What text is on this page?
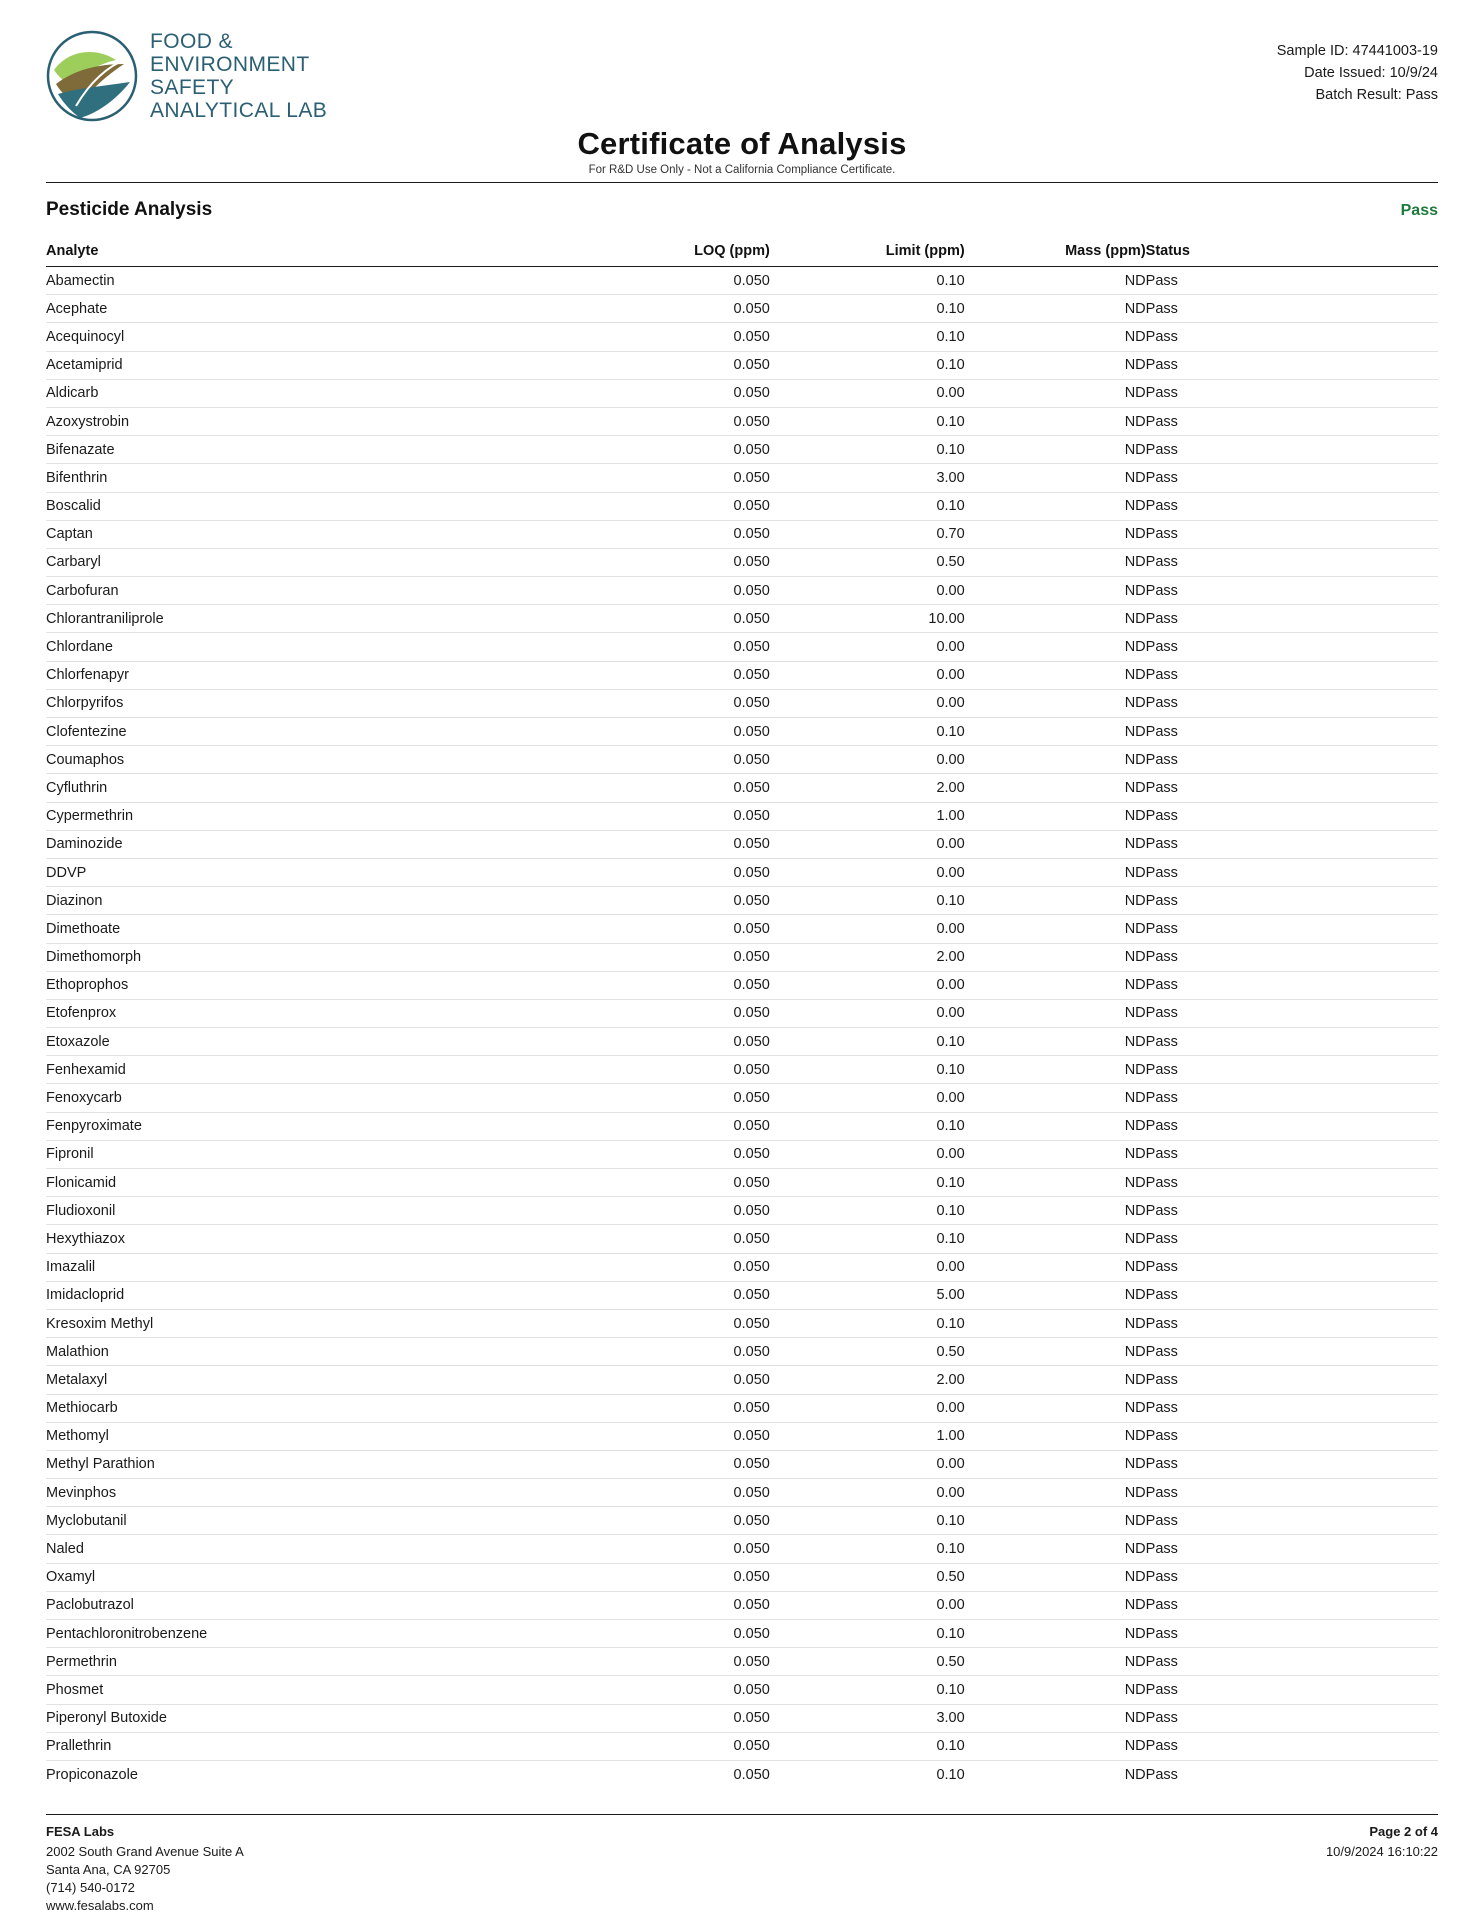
FOOD &
ENVIRONMENT
SAFETY
ANALYTICAL LAB
Sample ID: 47441003-19
Date Issued: 10/9/24
Batch Result: Pass
Certificate of Analysis
For R&D Use Only - Not a California Compliance Certificate.
Pesticide Analysis	Pass
Analyte	LOQ (ppm)	Limit (ppm)	Mass (ppm)	Status
Abamectin	0.050	0.10	ND	Pass
Acephate	0.050	0.10	ND	Pass
Acequinocyl	0.050	0.10	ND	Pass
Acetamiprid	0.050	0.10	ND	Pass
Aldicarb	0.050	0.00	ND	Pass
Azoxystrobin	0.050	0.10	ND	Pass
Bifenazate	0.050	0.10	ND	Pass
Bifenthrin	0.050	3.00	ND	Pass
Boscalid	0.050	0.10	ND	Pass
Captan	0.050	0.70	ND	Pass
Carbaryl	0.050	0.50	ND	Pass
Carbofuran	0.050	0.00	ND	Pass
Chlorantraniliprole	0.050	10.00	ND	Pass
Chlordane	0.050	0.00	ND	Pass
Chlorfenapyr	0.050	0.00	ND	Pass
Chlorpyrifos	0.050	0.00	ND	Pass
Clofentezine	0.050	0.10	ND	Pass
Coumaphos	0.050	0.00	ND	Pass
Cyfluthrin	0.050	2.00	ND	Pass
Cypermethrin	0.050	1.00	ND	Pass
Daminozide	0.050	0.00	ND	Pass
DDVP	0.050	0.00	ND	Pass
Diazinon	0.050	0.10	ND	Pass
Dimethoate	0.050	0.00	ND	Pass
Dimethomorph	0.050	2.00	ND	Pass
Ethoprophos	0.050	0.00	ND	Pass
Etofenprox	0.050	0.00	ND	Pass
Etoxazole	0.050	0.10	ND	Pass
Fenhexamid	0.050	0.10	ND	Pass
Fenoxycarb	0.050	0.00	ND	Pass
Fenpyroximate	0.050	0.10	ND	Pass
Fipronil	0.050	0.00	ND	Pass
Flonicamid	0.050	0.10	ND	Pass
Fludioxonil	0.050	0.10	ND	Pass
Hexythiazox	0.050	0.10	ND	Pass
Imazalil	0.050	0.00	ND	Pass
Imidacloprid	0.050	5.00	ND	Pass
Kresoxim Methyl	0.050	0.10	ND	Pass
Malathion	0.050	0.50	ND	Pass
Metalaxyl	0.050	2.00	ND	Pass
Methiocarb	0.050	0.00	ND	Pass
Methomyl	0.050	1.00	ND	Pass
Methyl Parathion	0.050	0.00	ND	Pass
Mevinphos	0.050	0.00	ND	Pass
Myclobutanil	0.050	0.10	ND	Pass
Naled	0.050	0.10	ND	Pass
Oxamyl	0.050	0.50	ND	Pass
Paclobutrazol	0.050	0.00	ND	Pass
Pentachloronitrobenzene	0.050	0.10	ND	Pass
Permethrin	0.050	0.50	ND	Pass
Phosmet	0.050	0.10	ND	Pass
Piperonyl Butoxide	0.050	3.00	ND	Pass
Prallethrin	0.050	0.10	ND	Pass
Propiconazole	0.050	0.10	ND	Pass
FESA Labs
2002 South Grand Avenue Suite A
Santa Ana, CA 92705
(714) 540-0172
www.fesalabs.com
Page 2 of 4
10/9/2024 16:10:22
